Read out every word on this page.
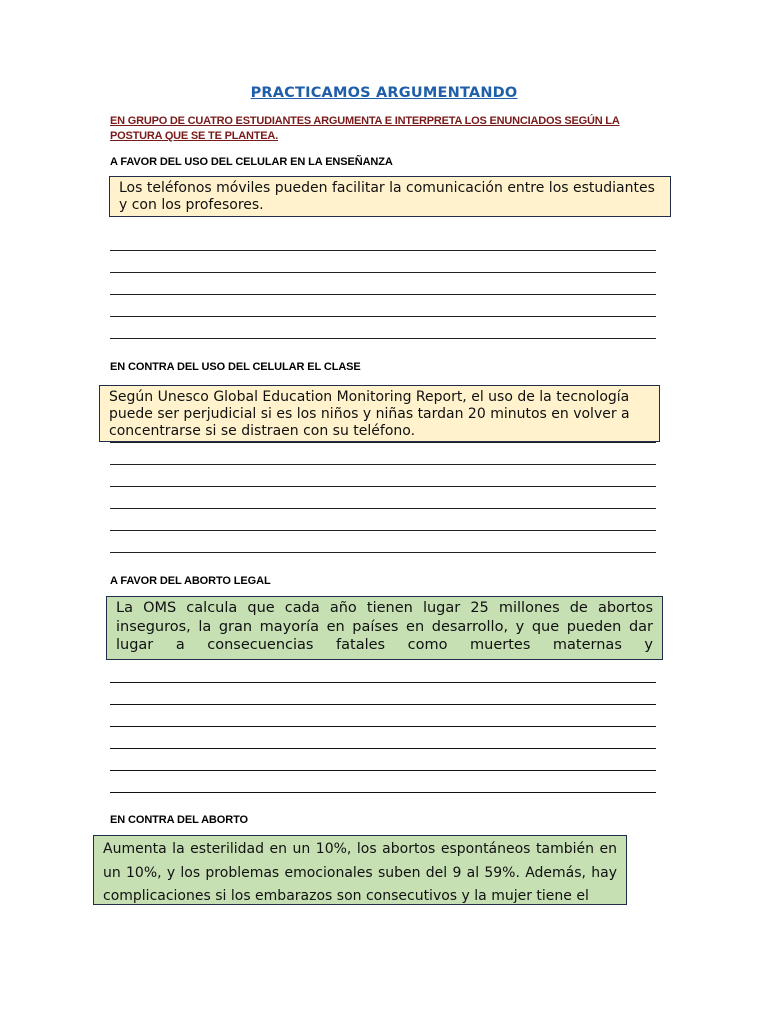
PRACTICAMOS ARGUMENTANDO
EN GRUPO DE CUATRO ESTUDIANTES ARGUMENTA E INTERPRETA LOS ENUNCIADOS SEGÚN LA POSTURA QUE SE TE PLANTEA.
A FAVOR DEL USO DEL CELULAR EN LA ENSEÑANZA
Los teléfonos móviles pueden facilitar la comunicación entre los estudiantes y con los profesores.
EN CONTRA DEL USO DEL CELULAR EL CLASE
Según Unesco Global Education Monitoring Report, el uso de la tecnología puede ser perjudicial si es los niños y niñas tardan 20 minutos en volver a concentrarse si se distraen con su teléfono.
A FAVOR DEL ABORTO LEGAL
La OMS calcula que cada año tienen lugar 25 millones de abortos inseguros, la gran mayoría en países en desarrollo, y que pueden dar lugar a consecuencias fatales como muertes maternas y
EN CONTRA DEL ABORTO
Aumenta la esterilidad en un 10%, los abortos espontáneos también en un 10%, y los problemas emocionales suben del 9 al 59%. Además, hay complicaciones si los embarazos son consecutivos y la mujer tiene el
